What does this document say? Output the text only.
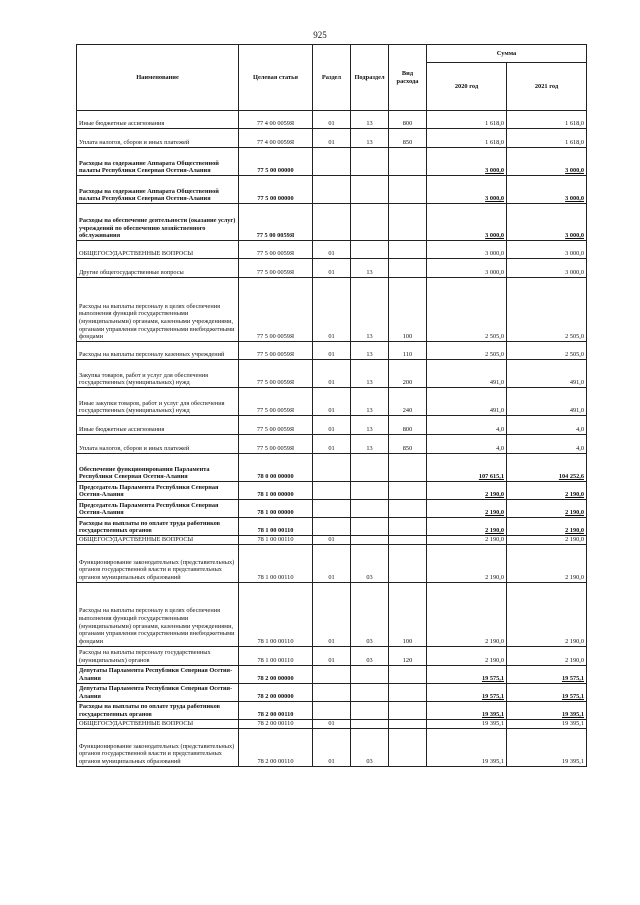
925
Наименование	Целевая статья	Раздел	Подраздел	Вид расхода	Сумма	
					2020 год	2021 год
Иные бюджетные ассигнования	77 4 00 0059Я	01	13	800	1 618,0	1 618,0
Уплата налогов, сборов и иных платежей	77 4 00 0059Я	01	13	850	1 618,0	1 618,0
Расходы на содержание Аппарата Общественной палаты Республики Северная Осетия-Алания	77 5 00 00000				3 000,0	3 000,0
Расходы на содержание Аппарата Общественной палаты Республики Северная Осетия-Алания	77 5 00 00000				3 000,0	3 000,0
Расходы на обеспечение деятельности (оказание услуг) учреждений по обеспечению хозяйственного обслуживания	77 5 00 0059Я				3 000,0	3 000,0
ОБЩЕГОСУДАРСТВЕННЫЕ ВОПРОСЫ	77 5 00 0059Я	01			3 000,0	3 000,0
Другие общегосударственные вопросы	77 5 00 0059Я	01	13		3 000,0	3 000,0
Расходы на выплаты персоналу в целях обеспечения выполнения функций государственными (муниципальными) органами, казенными учреждениями, органами управления государственными внебюджетными фондами	77 5 00 0059Я	01	13	100	2 505,0	2 505,0
Расходы на выплаты персоналу казенных учреждений	77 5 00 0059Я	01	13	110	2 505,0	2 505,0
Закупка товаров, работ и услуг для обеспечения государственных (муниципальных) нужд	77 5 00 0059Я	01	13	200	491,0	491,0
Иные закупки товаров, работ и услуг для обеспечения государственных (муниципальных) нужд	77 5 00 0059Я	01	13	240	491,0	491,0
Иные бюджетные ассигнования	77 5 00 0059Я	01	13	800	4,0	4,0
Уплата налогов, сборов и иных платежей	77 5 00 0059Я	01	13	850	4,0	4,0
Обеспечение функционирования Парламента Республики Северная Осетия-Алания	78 0 00 00000				107 615,1	104 252,6
Председатель Парламента Республики Северная Осетия-Алания	78 1 00 00000				2 190,0	2 190,0
Председатель Парламента Республики Северная Осетия-Алания	78 1 00 00000				2 190,0	2 190,0
Расходы на выплаты по оплате труда работников государственных органов	78 1 00 00110				2 190,0	2 190,0
ОБЩЕГОСУДАРСТВЕННЫЕ ВОПРОСЫ	78 1 00 00110	01			2 190,0	2 190,0
Функционирование законодательных (представительных) органов государственной власти и представительных органов муниципальных образований	78 1 00 00110	01	03		2 190,0	2 190,0
Расходы на выплаты персоналу в целях обеспечения выполнения функций государственными (муниципальными) органами, казенными учреждениями, органами управления государственными внебюджетными фондами	78 1 00 00110	01	03	100	2 190,0	2 190,0
Расходы на выплаты персоналу государственных (муниципальных) органов	78 1 00 00110	01	03	120	2 190,0	2 190,0
Депутаты Парламента Республики Северная Осетия-Алания	78 2 00 00000				19 575,1	19 575,1
Депутаты Парламента Республики Северная Осетия-Алания	78 2 00 00000				19 575,1	19 575,1
Расходы на выплаты по оплате труда работников государственных органов	78 2 00 00110				19 395,1	19 395,1
ОБЩЕГОСУДАРСТВЕННЫЕ ВОПРОСЫ	78 2 00 00110	01			19 395,1	19 395,1
Функционирование законодательных (представительных) органов государственной власти и представительных органов муниципальных образований	78 2 00 00110	01	03		19 395,1	19 395,1
